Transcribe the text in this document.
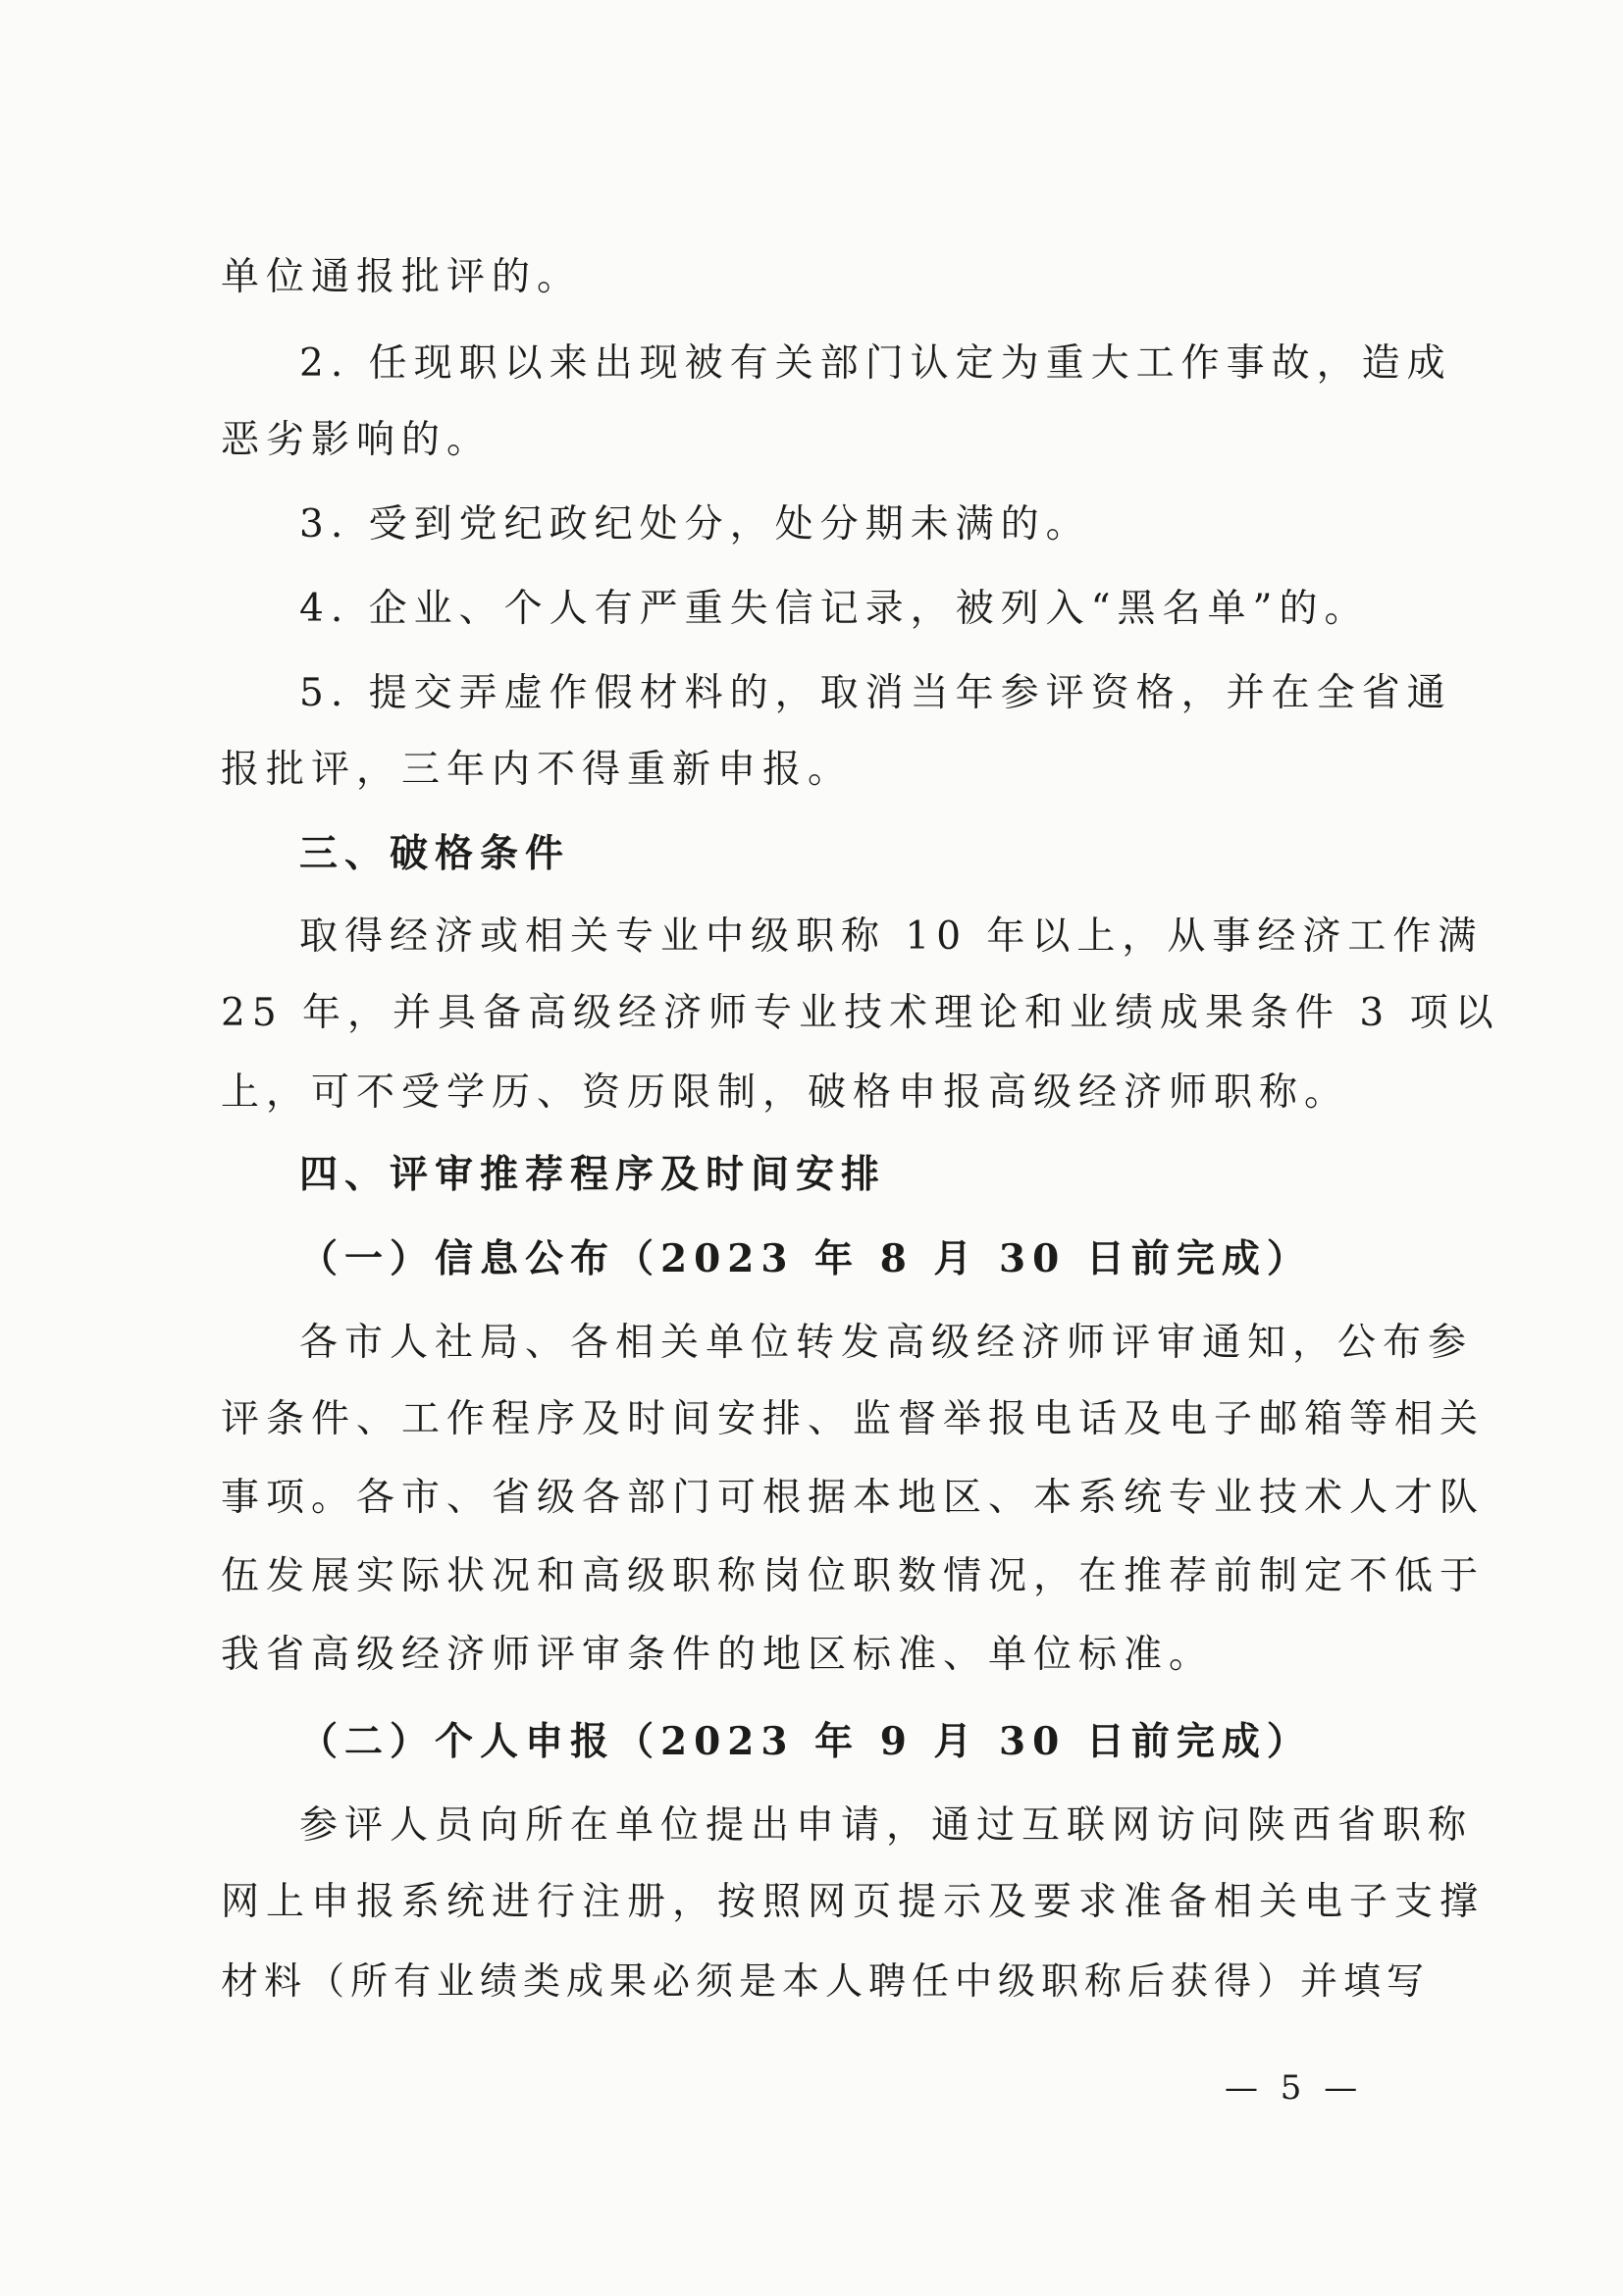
单位通报批评的。
2. 任现职以来出现被有关部门认定为重大工作事故，造成
恶劣影响的。
3. 受到党纪政纪处分，处分期未满的。
4. 企业、个人有严重失信记录，被列入“黑名单”的。
5. 提交弄虚作假材料的，取消当年参评资格，并在全省通
报批评，三年内不得重新申报。
三、破格条件
取得经济或相关专业中级职称 10 年以上，从事经济工作满
25 年，并具备高级经济师专业技术理论和业绩成果条件 3 项以
上，可不受学历、资历限制，破格申报高级经济师职称。
四、评审推荐程序及时间安排
（一）信息公布（2023 年 8 月 30 日前完成）
各市人社局、各相关单位转发高级经济师评审通知，公布参
评条件、工作程序及时间安排、监督举报电话及电子邮箱等相关
事项。各市、省级各部门可根据本地区、本系统专业技术人才队
伍发展实际状况和高级职称岗位职数情况，在推荐前制定不低于
我省高级经济师评审条件的地区标准、单位标准。
（二）个人申报（2023 年 9 月 30 日前完成）
参评人员向所在单位提出申请，通过互联网访问陕西省职称
网上申报系统进行注册，按照网页提示及要求准备相关电子支撑
材料（所有业绩类成果必须是本人聘任中级职称后获得）并填写
— 5 —
